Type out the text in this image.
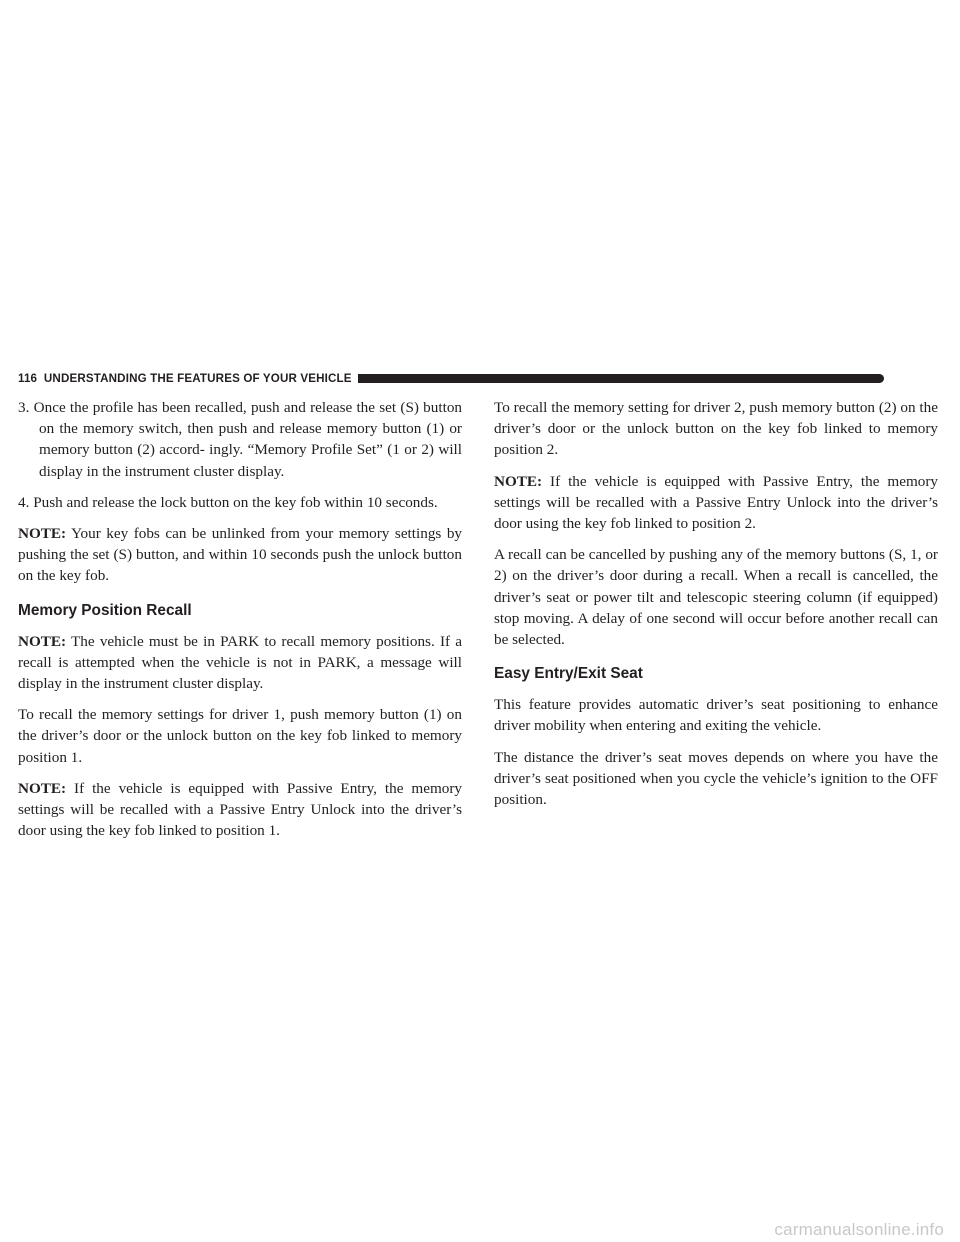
116 UNDERSTANDING THE FEATURES OF YOUR VEHICLE

3. Once the profile has been recalled, push and release the set (S) button on the memory switch, then push and release memory button (1) or memory button (2) accord- ingly. “Memory Profile Set” (1 or 2) will display in the instrument cluster display.

4. Push and release the lock button on the key fob within 10 seconds.

NOTE: Your key fobs can be unlinked from your memory settings by pushing the set (S) button, and within 10 seconds push the unlock button on the key fob.

Memory Position Recall

NOTE: The vehicle must be in PARK to recall memory positions. If a recall is attempted when the vehicle is not in PARK, a message will display in the instrument cluster display.

To recall the memory settings for driver 1, push memory button (1) on the driver’s door or the unlock button on the key fob linked to memory position 1.

NOTE: If the vehicle is equipped with Passive Entry, the memory settings will be recalled with a Passive Entry Unlock into the driver’s door using the key fob linked to position 1.

To recall the memory setting for driver 2, push memory button (2) on the driver’s door or the unlock button on the key fob linked to memory position 2.

NOTE: If the vehicle is equipped with Passive Entry, the memory settings will be recalled with a Passive Entry Unlock into the driver’s door using the key fob linked to position 2.

A recall can be cancelled by pushing any of the memory buttons (S, 1, or 2) on the driver’s door during a recall. When a recall is cancelled, the driver’s seat or power tilt and telescopic steering column (if equipped) stop moving. A delay of one second will occur before another recall can be selected.

Easy Entry/Exit Seat

This feature provides automatic driver’s seat positioning to enhance driver mobility when entering and exiting the vehicle.

The distance the driver’s seat moves depends on where you have the driver’s seat positioned when you cycle the vehicle’s ignition to the OFF position.

carmanualsonline.info
